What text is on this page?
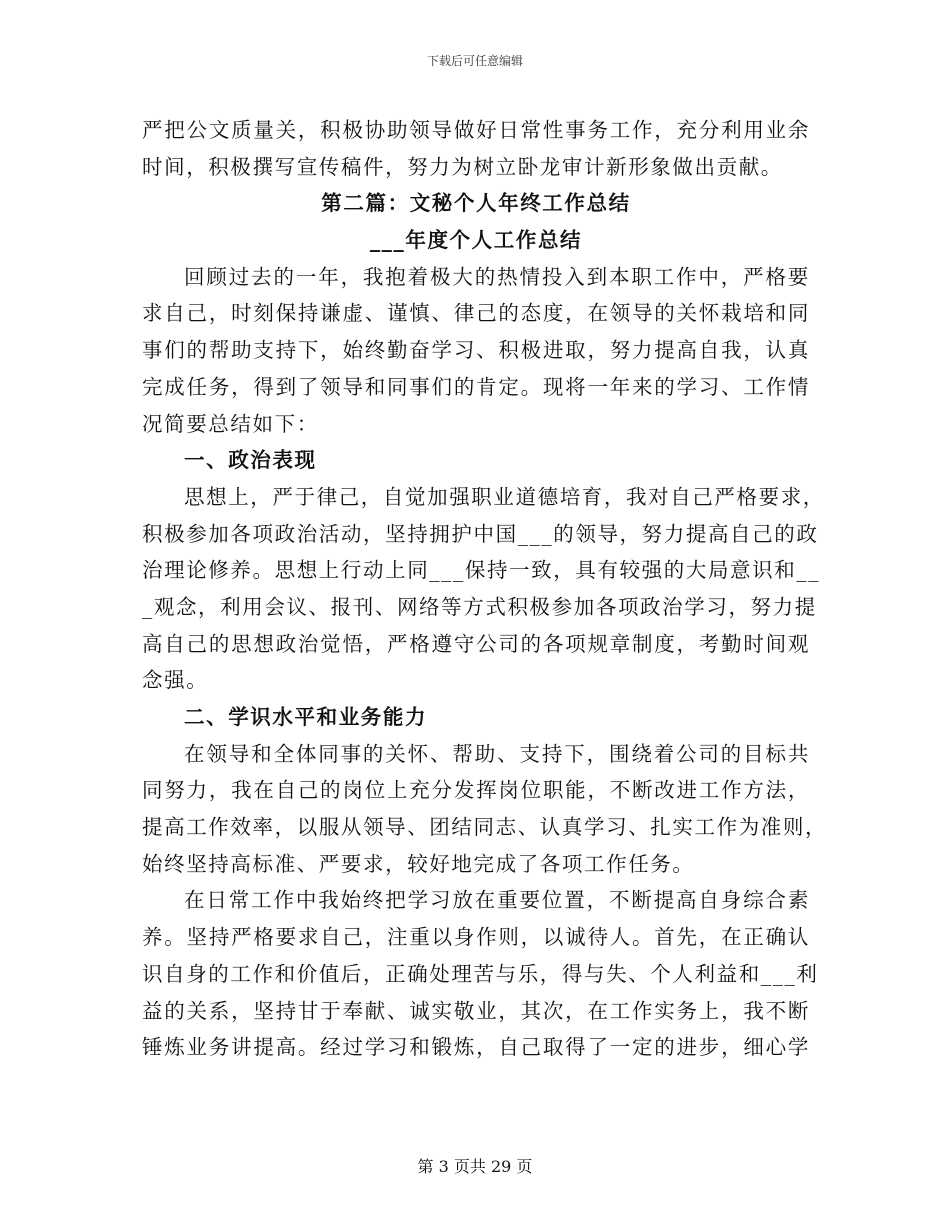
下载后可任意编辑
严把公文质量关，积极协助领导做好日常性事务工作，充分利用业余
时间，积极撰写宣传稿件，努力为树立卧龙审计新形象做出贡献。
第二篇：文秘个人年终工作总结
___年度个人工作总结
回顾过去的一年，我抱着极大的热情投入到本职工作中，严格要
求自己，时刻保持谦虚、谨慎、律己的态度，在领导的关怀栽培和同
事们的帮助支持下，始终勤奋学习、积极进取，努力提高自我，认真
完成任务，得到了领导和同事们的肯定。现将一年来的学习、工作情
况简要总结如下：
一、政治表现
思想上，严于律己，自觉加强职业道德培育，我对自己严格要求，
积极参加各项政治活动，坚持拥护中国___的领导，努力提高自己的政
治理论修养。思想上行动上同___保持一致，具有较强的大局意识和__
_观念，利用会议、报刊、网络等方式积极参加各项政治学习，努力提
高自己的思想政治觉悟，严格遵守公司的各项规章制度，考勤时间观
念强。
二、学识水平和业务能力
在领导和全体同事的关怀、帮助、支持下，围绕着公司的目标共
同努力，我在自己的岗位上充分发挥岗位职能，不断改进工作方法，
提高工作效率，以服从领导、团结同志、认真学习、扎实工作为准则，
始终坚持高标准、严要求，较好地完成了各项工作任务。
在日常工作中我始终把学习放在重要位置，不断提高自身综合素
养。坚持严格要求自己，注重以身作则，以诚待人。首先，在正确认
识自身的工作和价值后，正确处理苦与乐，得与失、个人利益和___利
益的关系，坚持甘于奉献、诚实敬业，其次，在工作实务上，我不断
锤炼业务讲提高。经过学习和锻炼，自己取得了一定的进步，细心学
第 3 页共 29 页
